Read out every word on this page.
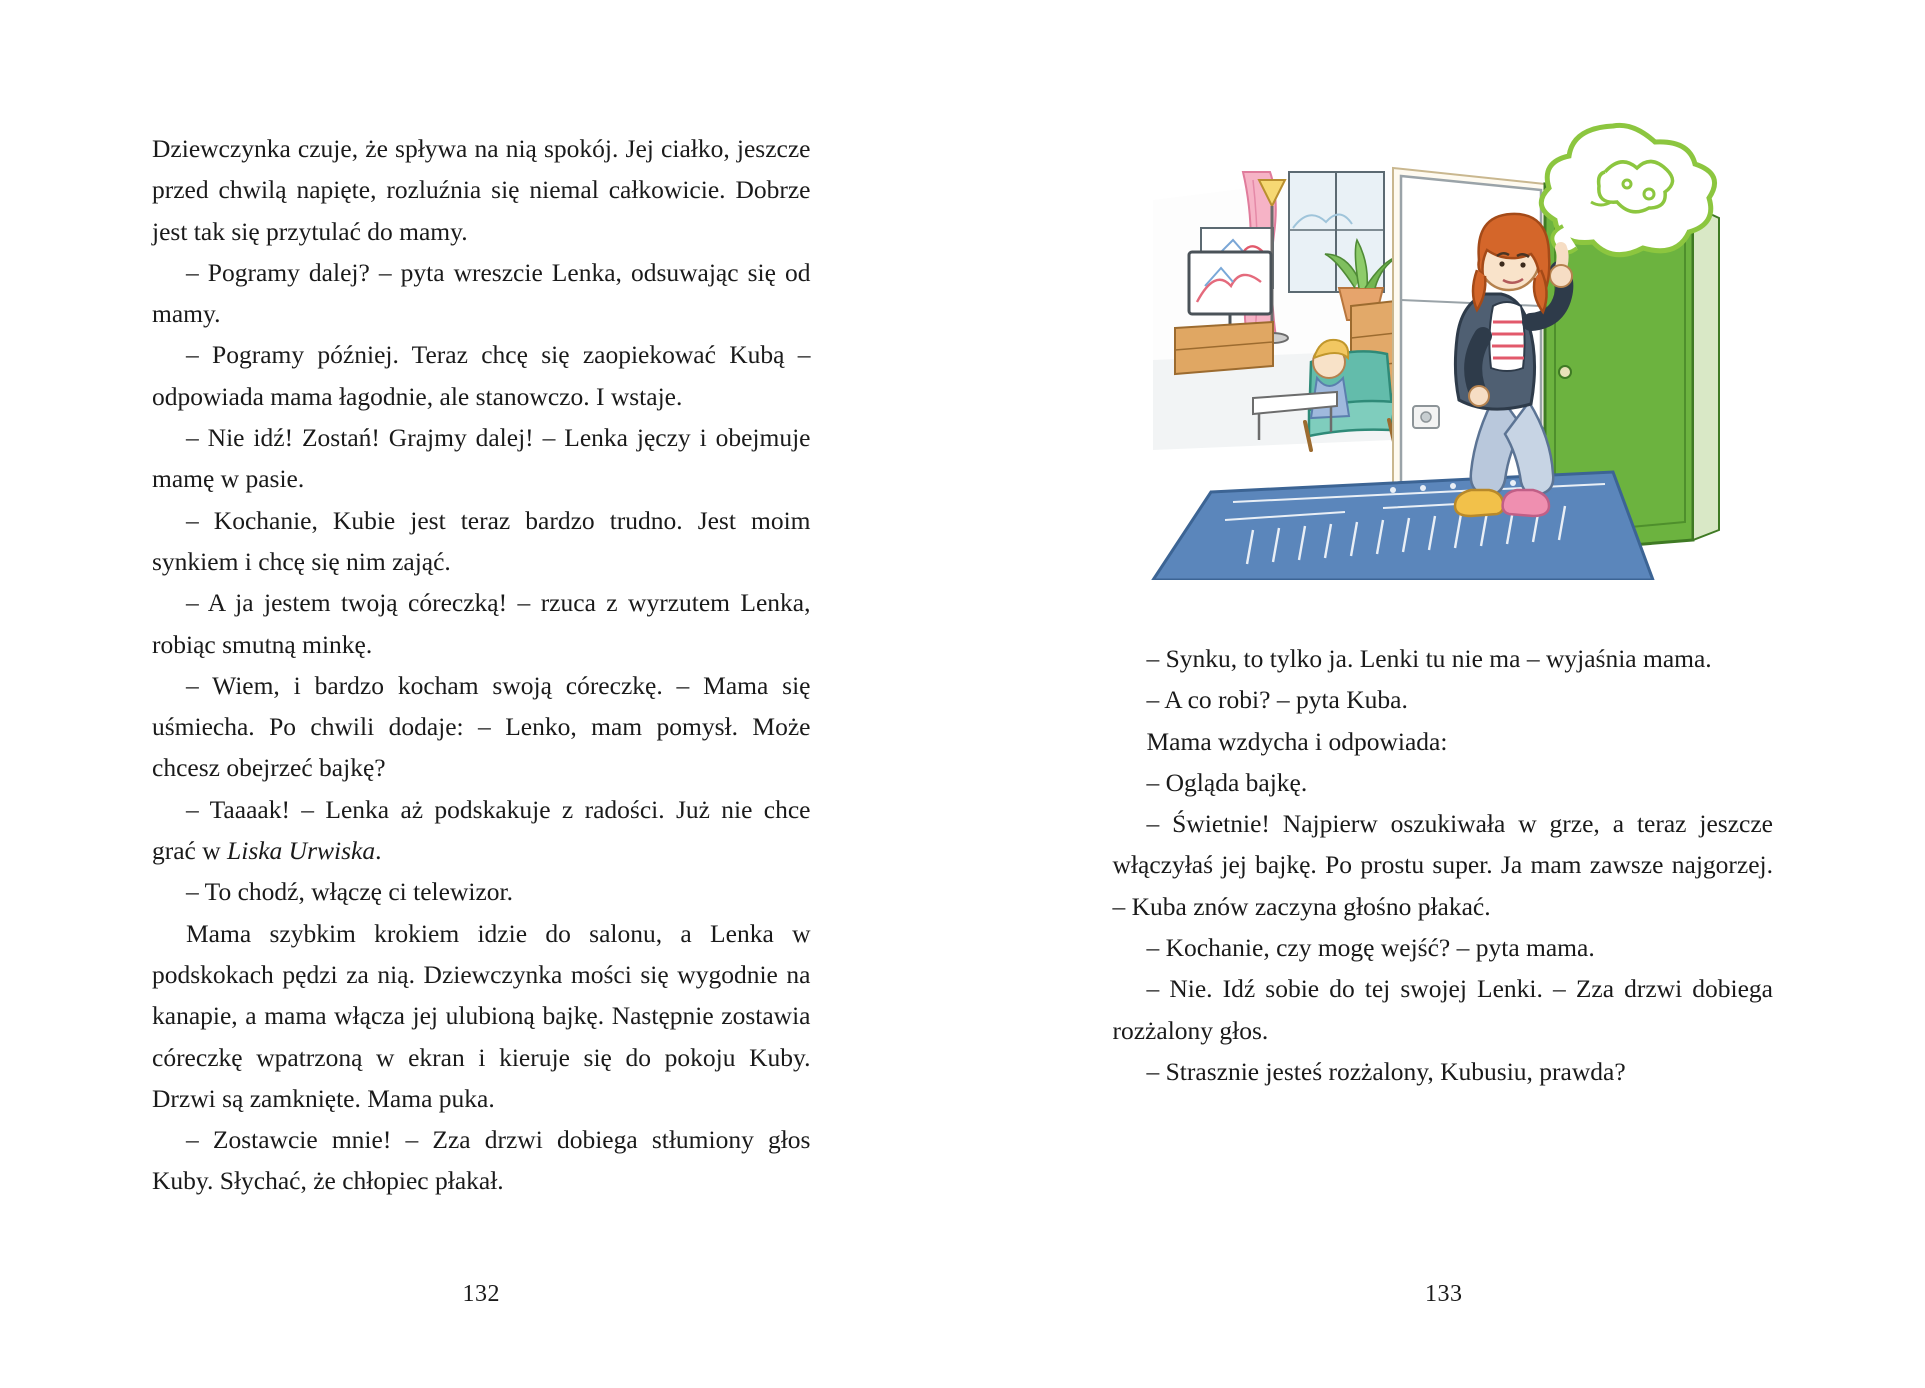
Dziewczynka czuje, że spływa na nią spokój. Jej ciałko, jeszcze przed chwilą napięte, rozluźnia się niemal całkowicie. Dobrze jest tak się przytulać do mamy.

– Pogramy dalej? – pyta wreszcie Lenka, odsuwając się od mamy.

– Pogramy później. Teraz chcę się zaopiekować Kubą – odpowiada mama łagodnie, ale stanowczo. I wstaje.

– Nie idź! Zostań! Grajmy dalej! – Lenka jęczy i obejmuje mamę w pasie.

– Kochanie, Kubie jest teraz bardzo trudno. Jest moim synkiem i chcę się nim zająć.

– A ja jestem twoją córeczką! – rzuca z wyrzutem Lenka, robiąc smutną minkę.

– Wiem, i bardzo kocham swoją córeczkę. – Mama się uśmiecha. Po chwili dodaje: – Lenko, mam pomysł. Może chcesz obejrzeć bajkę?

– Taaaak! – Lenka aż podskakuje z radości. Już nie chce grać w Liska Urwiska.

– To chodź, włączę ci telewizor.

Mama szybkim krokiem idzie do salonu, a Lenka w podskokach pędzi za nią. Dziewczynka mości się wygodnie na kanapie, a mama włącza jej ulubioną bajkę. Następnie zostawia córeczkę wpatrzoną w ekran i kieruje się do pokoju Kuby. Drzwi są zamknięte. Mama puka.

– Zostawcie mnie! – Zza drzwi dobiega stłumiony głos Kuby. Słychać, że chłopiec płakał.

132

– Synku, to tylko ja. Lenki tu nie ma – wyjaśnia mama.

– A co robi? – pyta Kuba.

Mama wzdycha i odpowiada:

– Ogląda bajkę.

– Świetnie! Najpierw oszukiwała w grze, a teraz jeszcze włączyłaś jej bajkę. Po prostu super. Ja mam zawsze najgorzej. – Kuba znów zaczyna głośno płakać.

– Kochanie, czy mogę wejść? – pyta mama.

– Nie. Idź sobie do tej swojej Lenki. – Zza drzwi dobiega rozżalony głos.

– Strasznie jesteś rozżalony, Kubusiu, prawda?

133
